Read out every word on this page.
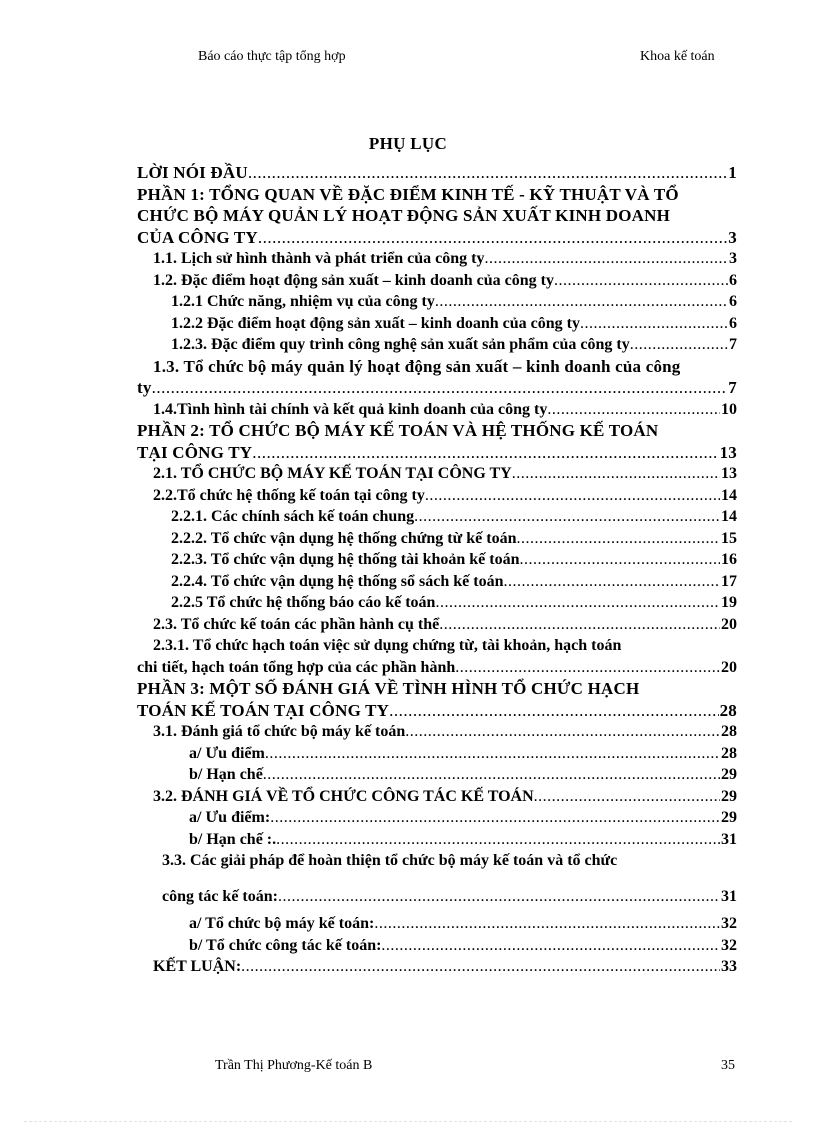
Báo cáo thực tập tổng hợp	Khoa kế toán
PHỤ LỤC
LỜI NÓI ĐẦU .....	1
PHẦN 1: TỔNG QUAN VỀ ĐẶC ĐIỂM KINH TẾ - KỸ THUẬT VÀ TỔ
CHỨC BỘ MÁY QUẢN LÝ HOẠT ĐỘNG SẢN XUẤT KINH DOANH
CỦA CÔNG TY .....	3
1.1. Lịch sử hình thành và phát triển của công ty .....	3
1.2. Đặc điểm hoạt động sản xuất – kinh doanh của công ty .....	6
1.2.1 Chức năng, nhiệm vụ của công ty .....	6
1.2.2 Đặc điểm hoạt động sản xuất – kinh doanh của công ty .....	6
1.2.3. Đặc điểm quy trình công nghệ sản xuất sản phẩm của công ty .....	7
1.3. Tổ chức bộ máy quản lý hoạt động sản xuất – kinh doanh của công
ty .....	7
1.4.Tình hình tài chính và kết quả kinh doanh của công ty .....	10
PHẦN 2: TỔ CHỨC BỘ MÁY KẾ TOÁN VÀ HỆ THỐNG KẾ TOÁN
TẠI CÔNG TY .....	13
2.1. TỔ CHỨC BỘ MÁY KẾ TOÁN TẠI CÔNG TY .....	13
2.2.Tổ chức hệ thống kế toán tại công ty .....	14
2.2.1. Các chính sách kế toán chung .....	14
2.2.2. Tổ chức vận dụng hệ thống chứng từ kế toán .....	15
2.2.3. Tổ chức vận dụng hệ thống tài khoản kế toán .....	16
2.2.4. Tổ chức vận dụng hệ thống sổ sách kế toán .....	17
2.2.5 Tổ chức hệ thống báo cáo kế toán .....	19
2.3. Tổ chức kế toán các phần hành cụ thể .....	20
2.3.1. Tổ chức hạch toán việc sử dụng chứng từ, tài khoản, hạch toán
chi tiết, hạch toán tổng hợp của các phần hành .....	20
PHẦN 3: MỘT SỐ ĐÁNH GIÁ VỀ TÌNH HÌNH TỔ CHỨC HẠCH
TOÁN KẾ TOÁN TẠI CÔNG TY .....	28
3.1. Đánh giá tổ chức bộ máy kế toán .....	28
a/ Ưu điểm .....	28
b/ Hạn chế .....	29
3.2. ĐÁNH GIÁ VỀ TỔ CHỨC CÔNG TÁC KẾ TOÁN .....	29
a/ Ưu điểm: .....	29
b/ Hạn chế :. .....	31
3.3. Các giải pháp để hoàn thiện tổ chức bộ máy kế toán và tổ chức
công tác kế toán: .....	31
a/ Tổ chức bộ máy kế toán: .....	32
b/ Tổ chức công tác kế toán: .....	32
KẾT LUẬN: .....	33
Trần Thị Phương-Kế toán B	35
